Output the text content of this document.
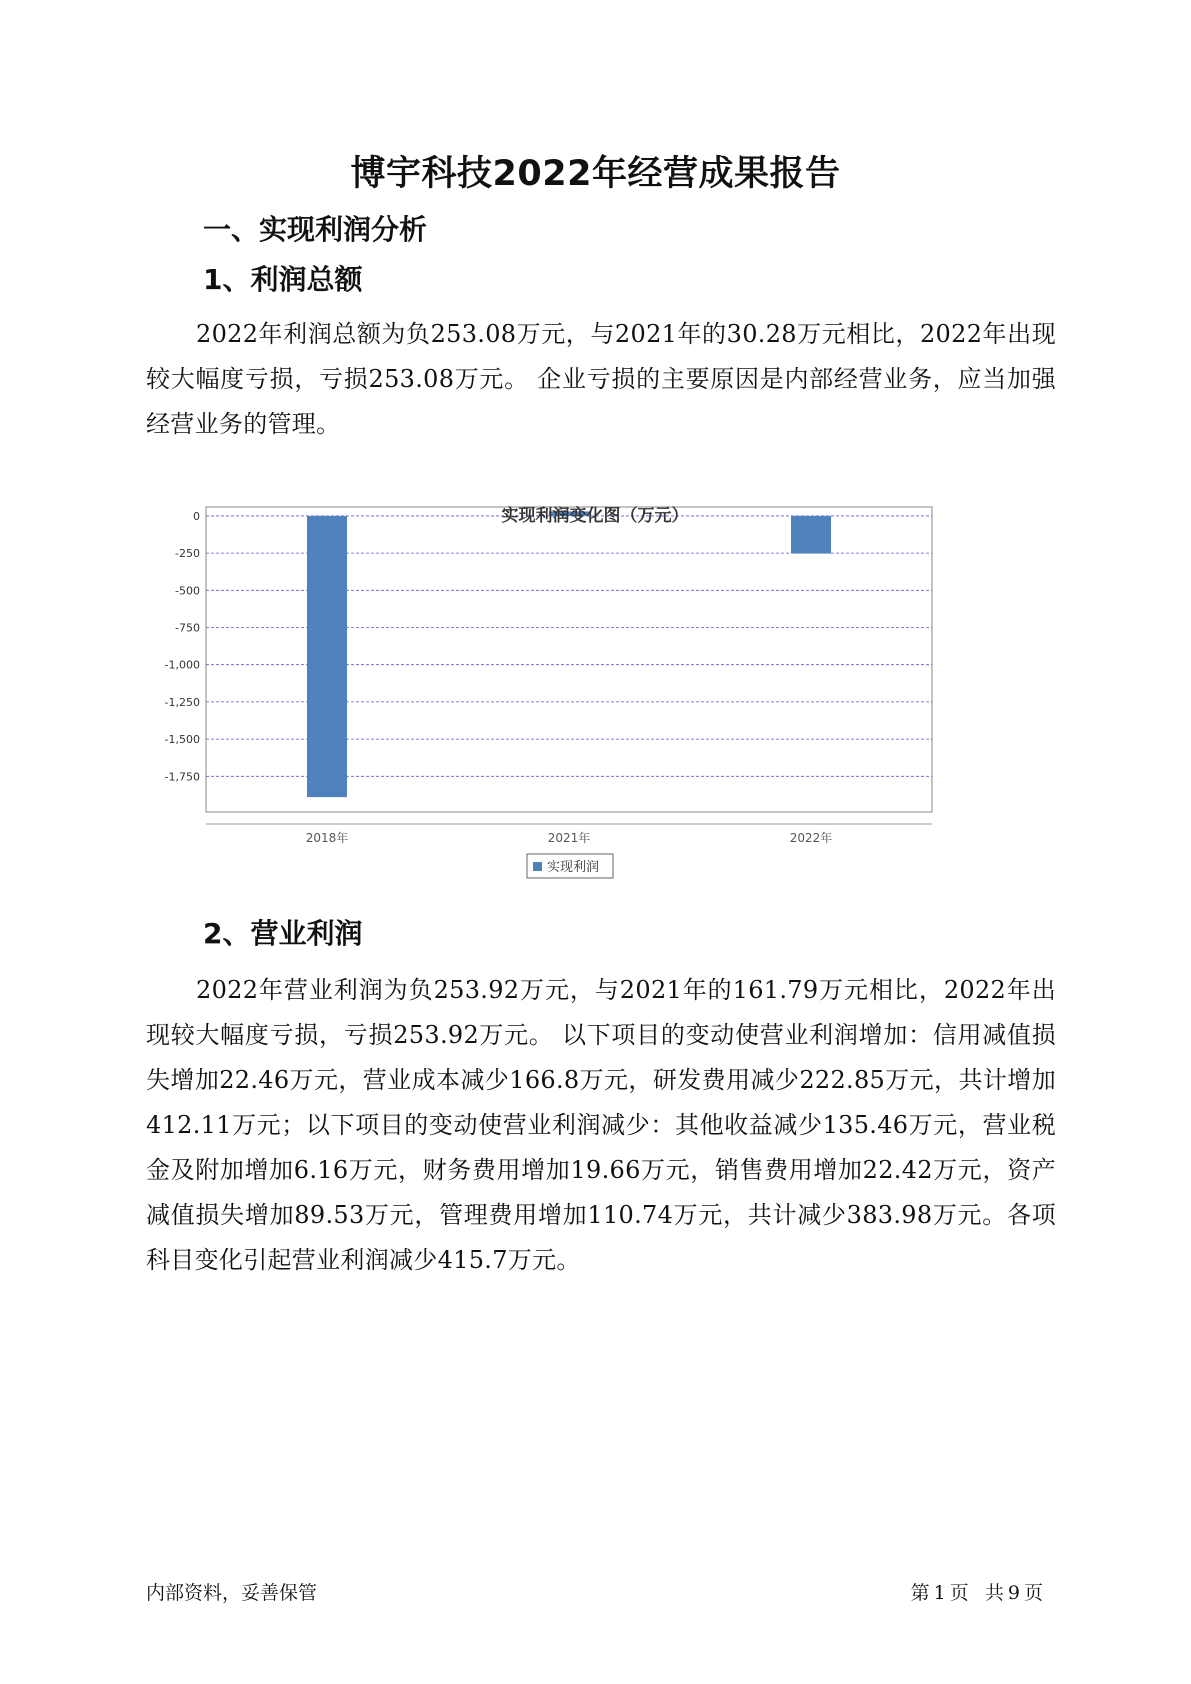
博宇科技2022年经营成果报告
一、实现利润分析
1、利润总额
2022年利润总额为负253.08万元，与2021年的30.28万元相比，2022年出现较大幅度亏损，亏损253.08万元。 企业亏损的主要原因是内部经营业务，应当加强经营业务的管理。
实现利润变化图（万元）
0
-250
-500
-750
-1,000
-1,250
-1,500
-1,750
2018年	2021年	2022年
实现利润
2、营业利润
2022年营业利润为负253.92万元，与2021年的161.79万元相比，2022年出现较大幅度亏损，亏损253.92万元。 以下项目的变动使营业利润增加：信用减值损失增加22.46万元，营业成本减少166.8万元，研发费用减少222.85万元，共计增加412.11万元；以下项目的变动使营业利润减少：其他收益减少135.46万元，营业税金及附加增加6.16万元，财务费用增加19.66万元，销售费用增加22.42万元，资产减值损失增加89.53万元，管理费用增加110.74万元，共计减少383.98万元。各项科目变化引起营业利润减少415.7万元。
内部资料，妥善保管	第 1 页 共 9 页
